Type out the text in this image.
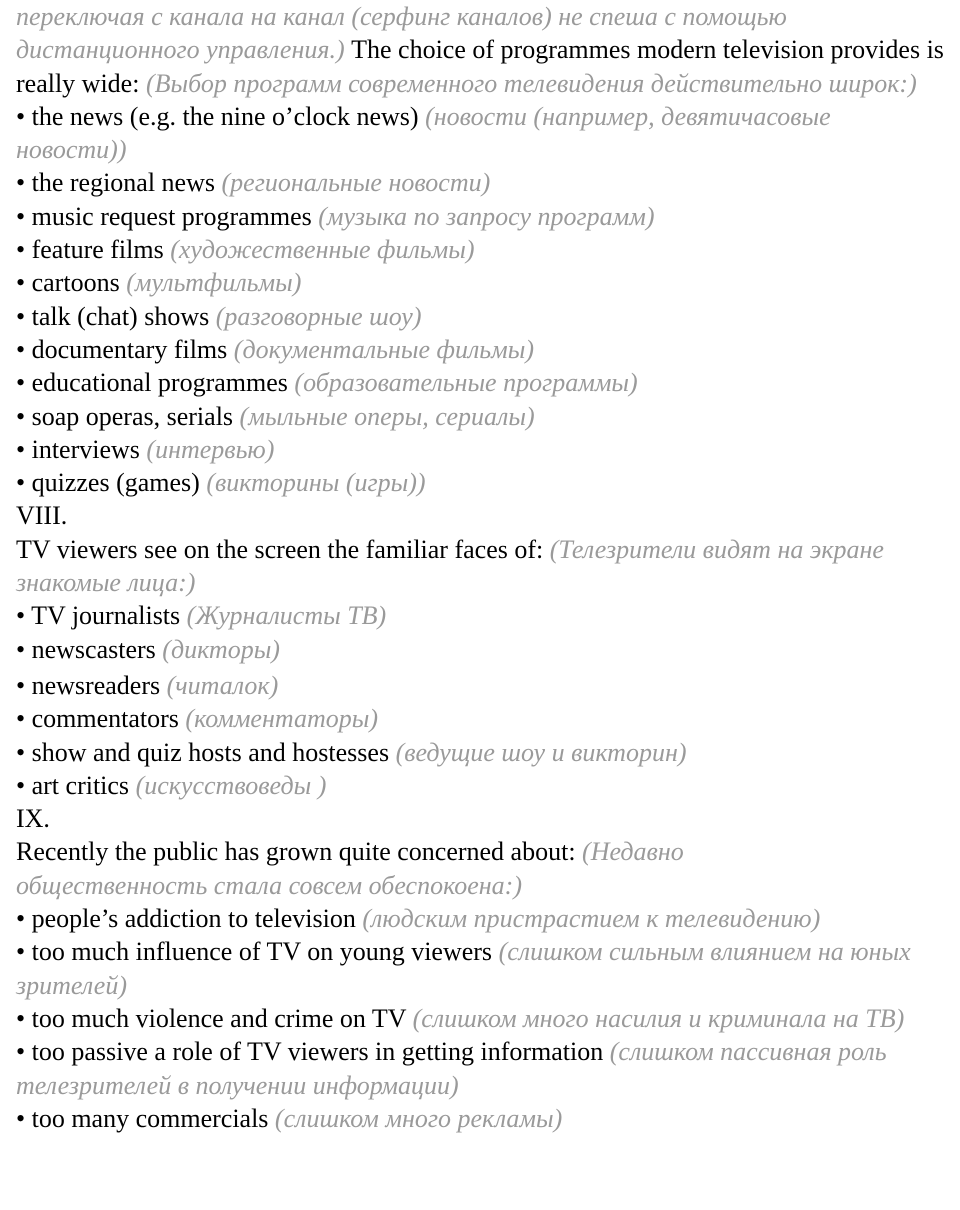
переключая с канала на канал (серфинг каналов) не спеша с помощью дистанционного управления.) The choice of programmes modern television provides is really wide: (Выбор программ современного телевидения действительно широк:)

• the news (e.g. the nine o’clock news) (новости (например, девятичасовые новости))

• the regional news (региональные новости)

• music request programmes (музыка по запросу программ)

• feature films (художественные фильмы)

• cartoons (мультфильмы)

• talk (chat) shows (разговорные шоу)

• documentary films (документальные фильмы)

• educational programmes (образовательные программы)

• soap operas, serials (мыльные оперы, сериалы)

• interviews (интервью)

• quizzes (games) (викторины (игры))

VIII.

TV viewers see on the screen the familiar faces of: (Телезрители видят на экране знакомые лица:)

• TV journalists (Журналисты ТВ)

• newscasters (дикторы)

• newsreaders (читалок)

• commentators (комментаторы)

• show and quiz hosts and hostesses (ведущие шоу и викторин)

• art critics (искусствоведы )

IX.

Recently the public has grown quite concerned about: (Недавно общественность стала совсем обеспокоена:)

• people’s addiction to television (людским пристрастием к телевидению)

• too much influence of TV on young viewers (слишком сильным влиянием на юных зрителей)

• too much violence and crime on TV (слишком много насилия и криминала на ТВ)

• too passive a role of TV viewers in getting information (слишком пассивная роль телезрителей в получении информации)

• too many commercials (слишком много рекламы)
